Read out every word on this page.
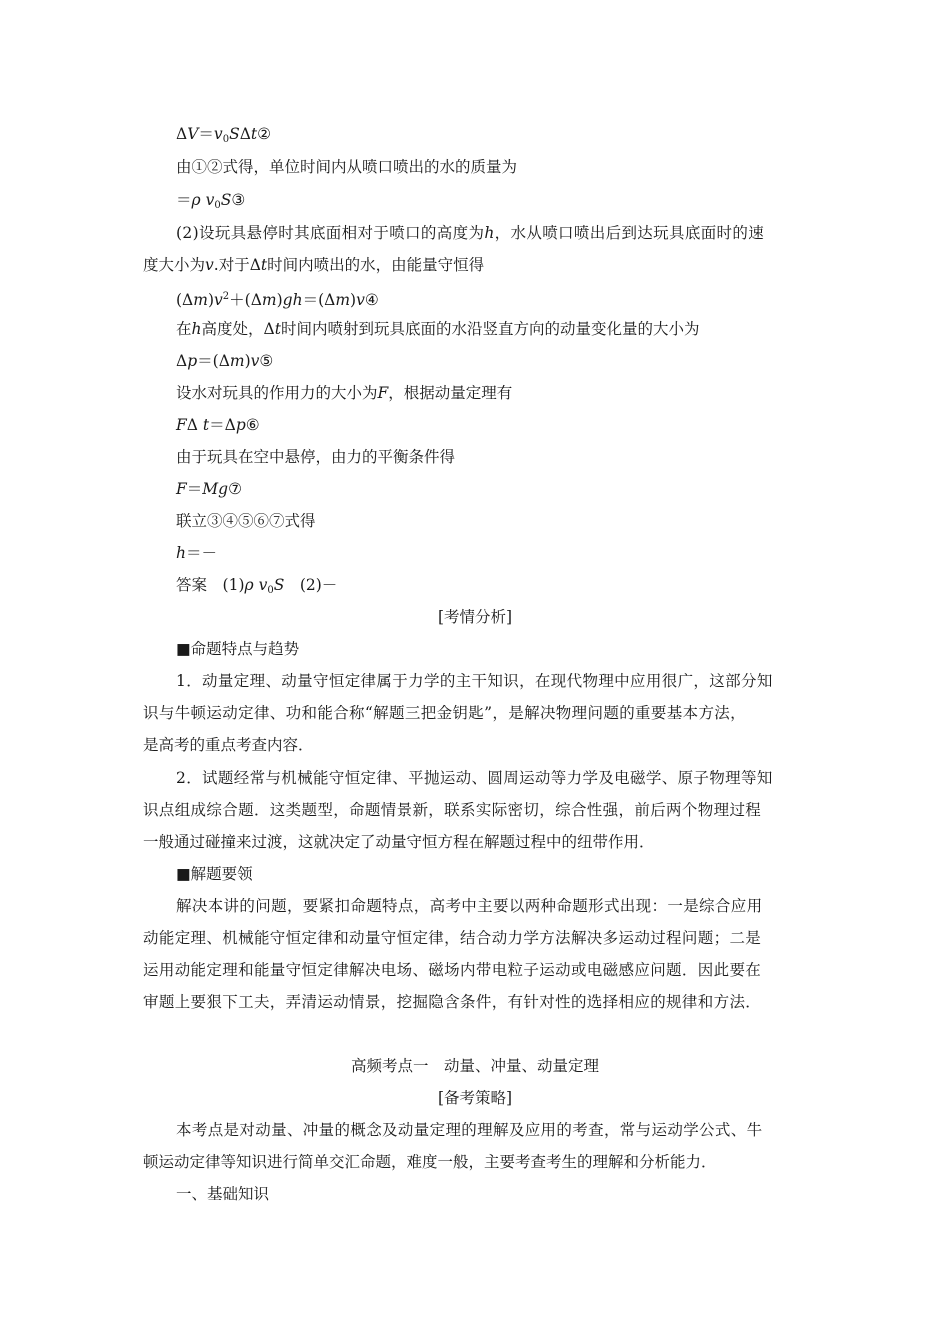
$\Delta V=v_0S\Delta t②$
由①②式得，单位时间内从喷口喷出的水的质量为
＝ρ $v_0S③$
(2)设玩具悬停时其底面相对于喷口的高度为h，水从喷口喷出后到达玩具底面时的速
度大小为v.对于Δt时间内喷出的水，由能量守恒得
$(\Delta m)v^2+(\Delta m)gh=(\Delta m)v④$
在h高度处，Δt时间内喷射到玩具底面的水沿竖直方向的动量变化量的大小为
Δp＝(Δm)v⑤
设水对玩具的作用力的大小为F，根据动量定理有
FΔ t＝Δp⑥
由于玩具在空中悬停，由力的平衡条件得
F＝Mg⑦
联立③④⑤⑥⑦式得
h＝－
答案　 (1)ρ $v_0S$　 (2)－
[考情分析]
■命题特点与趋势
1．动量定理、动量守恒定律属于力学的主干知识，在现代物理中应用很广，这部分知
识与牛顿运动定律、功和能合称“解题三把金钥匙”，是解决物理问题的重要基本方法，
是高考的重点考查内容．
2．试题经常与机械能守恒定律、平抛运动、圆周运动等力学及电磁学、原子物理等知
识点组成综合题．这类题型，命题情景新，联系实际密切，综合性强，前后两个物理过程
一般通过碰撞来过渡，这就决定了动量守恒方程在解题过程中的纽带作用．
■解题要领
解决本讲的问题，要紧扣命题特点，高考中主要以两种命题形式出现：一是综合应用
动能定理、机械能守恒定律和动量守恒定律，结合动力学方法解决多运动过程问题；二是
运用动能定理和能量守恒定律解决电场、磁场内带电粒子运动或电磁感应问题．因此要在
审题上要狠下工夫，弄清运动情景，挖掘隐含条件，有针对性的选择相应的规律和方法．
高频考点一　动量、冲量、动量定理
[备考策略]
本考点是对动量、冲量的概念及动量定理的理解及应用的考查，常与运动学公式、牛
顿运动定律等知识进行简单交汇命题，难度一般，主要考查考生的理解和分析能力．
一、基础知识
